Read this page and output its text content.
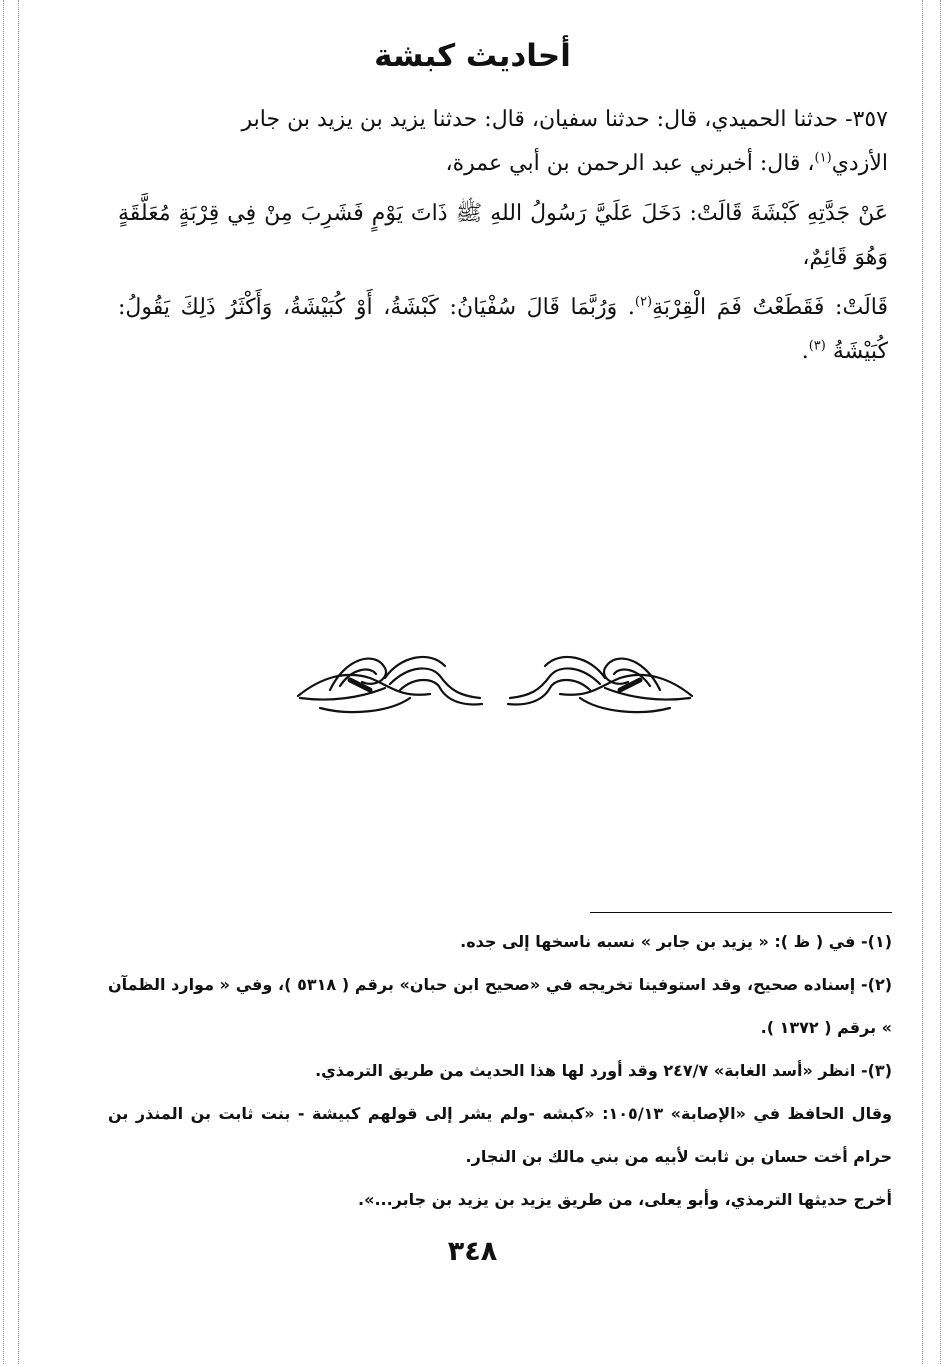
أحاديث كبشة

٣٥٧- حدثنا الحميدي، قال: حدثنا سفيان، قال: حدثنا يزيد بن يزيد بن جابر

الأزدي$^{(١)}$، قال: أخبرني عبد الرحمن بن أبي عمرة،

عَنْ جَدَّتِهِ كَبْشَةَ قَالَتْ: دَخَلَ عَلَيَّ رَسُولُ اللهِ ﷺ ذَاتَ يَوْمٍ فَشَرِبَ مِنْ فِي قِرْبَةٍ مُعَلَّقَةٍ وَهُوَ قَائِمٌ،

قَالَتْ: فَقَطَعْتُ فَمَ الْقِرْبَةِ$^{(٢)}$. وَرُبَّمَا قَالَ سُفْيَانُ: كَبْشَةُ، أَوْ كُبَيْشَةُ، وَأَكْثَرُ ذَلِكَ يَقُولُ: كُبَيْشَةُ $^{(٣)}$.

(١)- في ( ظ ): « يزيد بن جابر » نسبه ناسخها إلى جده.

(٢)- إسناده صحيح، وقد استوفينا تخريجه في «صحيح ابن حبان» برقم ( ٥٣١٨ )، وفي « موارد الظمآن » برقم ( ١٣٧٢ ).

(٣)- انظر «أسد الغابة» ٢٤٧/٧ وقد أورد لها هذا الحديث من طريق الترمذي.

وقال الحافظ في «الإصابة» ١٠٥/١٣: «كبشه -ولم يشر إلى قولهم كبيشة - بنت ثابت بن المنذر بن حرام أخت حسان بن ثابت لأبيه من بني مالك بن النجار.

أخرج حديثها الترمذي، وأبو يعلى، من طريق يزيد بن يزيد بن جابر...».

٣٤٨
